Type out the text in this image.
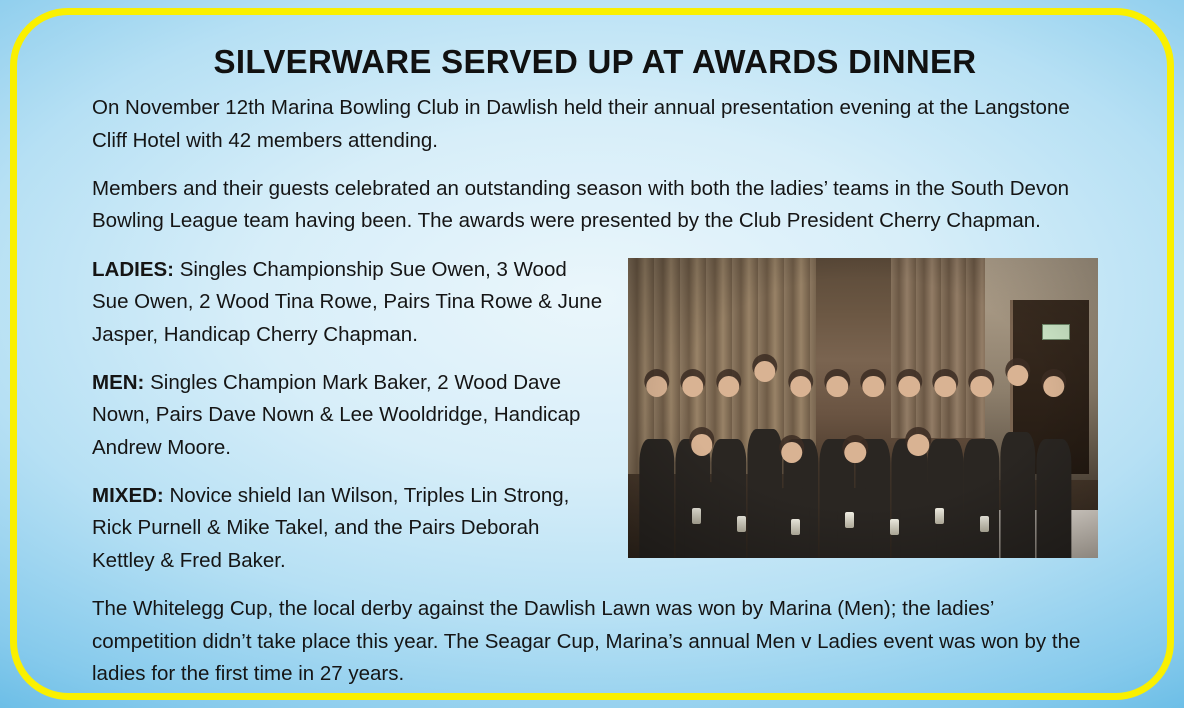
SILVERWARE SERVED UP AT AWARDS DINNER

On November 12th Marina Bowling Club in Dawlish held their annual presentation evening at the Langstone Cliff Hotel with 42 members attending.

Members and their guests celebrated an outstanding season with both the ladies’ teams in the South Devon Bowling League team having been. The awards were presented by the Club President Cherry Chapman.

LADIES: Singles Championship Sue Owen, 3 Wood Sue Owen, 2 Wood Tina Rowe, Pairs Tina Rowe & June Jasper, Handicap Cherry Chapman.

MEN: Singles Champion Mark Baker, 2 Wood Dave Nown, Pairs Dave Nown & Lee Wooldridge, Handicap Andrew Moore.

MIXED: Novice shield Ian Wilson, Triples Lin Strong, Rick Purnell & Mike Takel, and the Pairs Deborah Kettley & Fred Baker.

The Whitelegg Cup, the local derby against the Dawlish Lawn was won by Marina (Men); the ladies’ competition didn’t take place this year. The Seagar Cup, Marina’s annual Men v Ladies event was won by the ladies for the first time in 27 years.
